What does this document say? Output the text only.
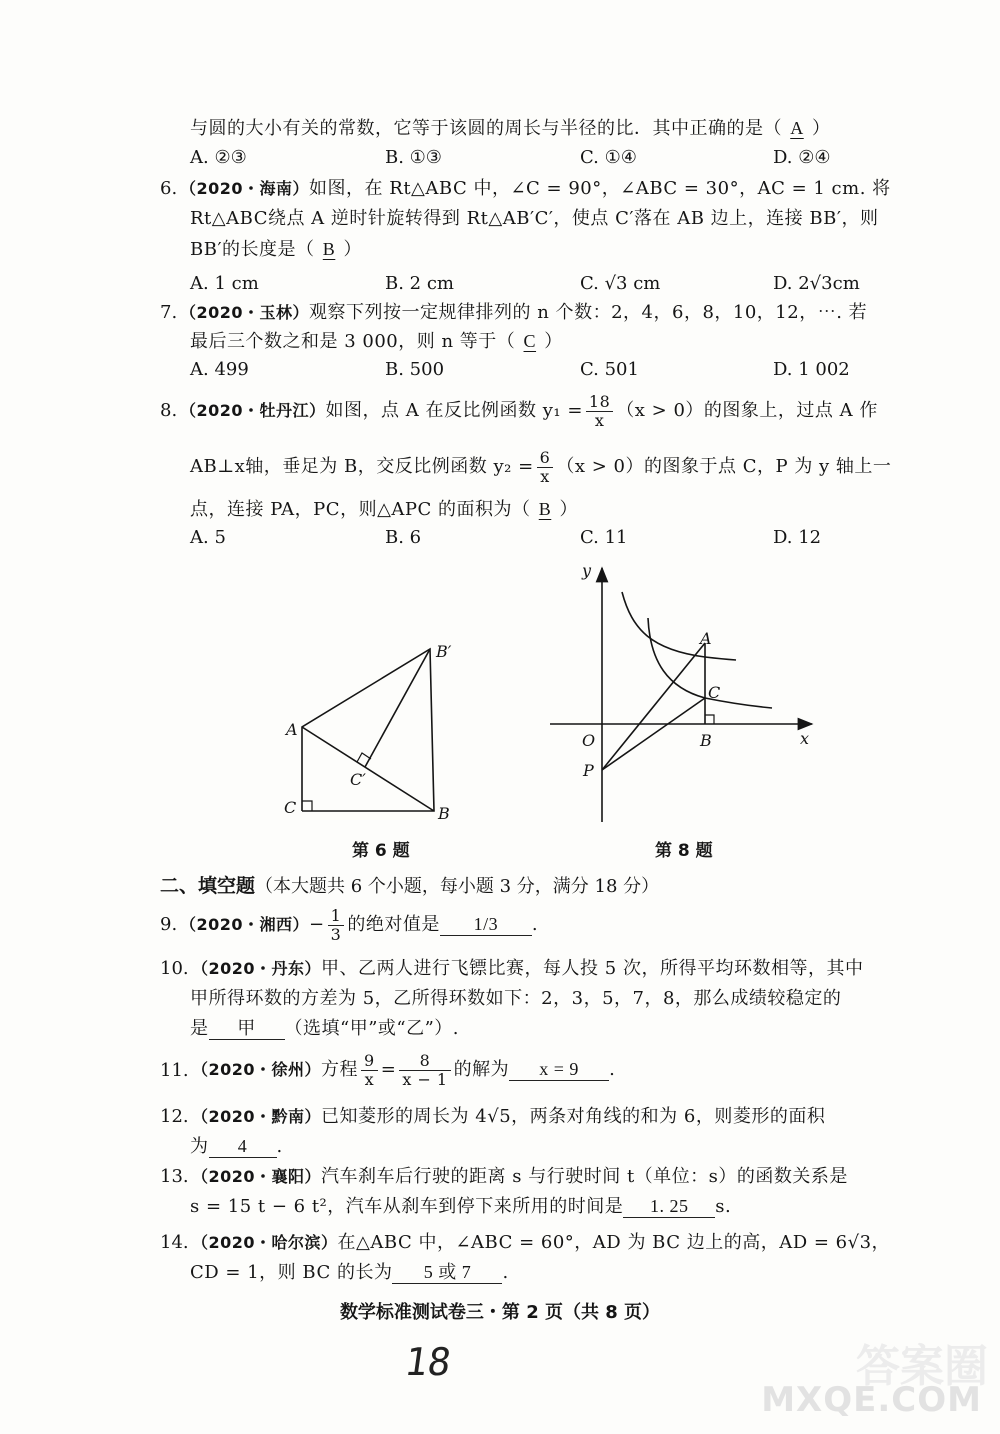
与圆的大小有关的常数，它等于该圆的周长与半径的比．其中正确的是（ A ）
A. ②③	B. ①③	C. ①④	D. ②④
6. （2020・海南）如图，在 Rt△ABC 中，∠C = 90°，∠ABC = 30°，AC = 1 cm. 将
Rt△ABC绕点 A 逆时针旋转得到 Rt△AB′C′，使点 C′落在 AB 边上，连接 BB′，则
BB′的长度是（ B ）
A. 1 cm	B. 2 cm	C. √3 cm	D. 2√3cm
7. （2020・玉林）观察下列按一定规律排列的 n 个数：2，4，6，8，10，12，⋯. 若
最后三个数之和是 3 000，则 n 等于（ C ）
A. 499	B. 500	C. 501	D. 1 002
8. （2020・牡丹江）如图，点 A 在反比例函数 $y_1 = \frac{18}{x} (x > 0)$的图象上，过点 A 作
AB⊥x轴，垂足为 B，交反比例函数 $y_2 = \frac{6}{x} (x > 0)$的图象于点 C，P 为 y 轴上一
点，连接 PA，PC，则△APC 的面积为（ B ）
A. 5	B. 6	C. 11	D. 12
A
C	B
B′
C′
第 6 题
y
x
O
A
C
B
P
第 8 题
二、填空题（本大题共 6 个小题，每小题 3 分，满分 18 分）
9. （2020・湘西）− $\frac{1}{3}$ 的绝对值是 1/3 .
10. （2020・丹东）甲、乙两人进行飞镖比赛，每人投 5 次，所得平均环数相等，其中
甲所得环数的方差为 5，乙所得环数如下：2，3，5，7，8，那么成绩较稳定的
是 甲 （选填“甲”或“乙”）.
11. （2020・徐州）方程 $\frac{9}{x} = \frac{8}{x - 1}$ 的解为 x = 9 .
12. （2020・黔南）已知菱形的周长为 4√5，两条对角线的和为 6，则菱形的面积
为 4 .
13. （2020・襄阳）汽车刹车后行驶的距离 s 与行驶时间 t（单位：s）的函数关系是
s = 15 t − 6 t²，汽车从刹车到停下来所用的时间是 1. 25 s.
14. （2020・哈尔滨）在△ABC 中，∠ABC = 60°，AD 为 BC 边上的高，AD = 6√3，
CD = 1，则 BC 的长为 5 或 7 .
数学标准测试卷三・第 2 页（共 8 页）
18	答案圈
MXQE.COM
